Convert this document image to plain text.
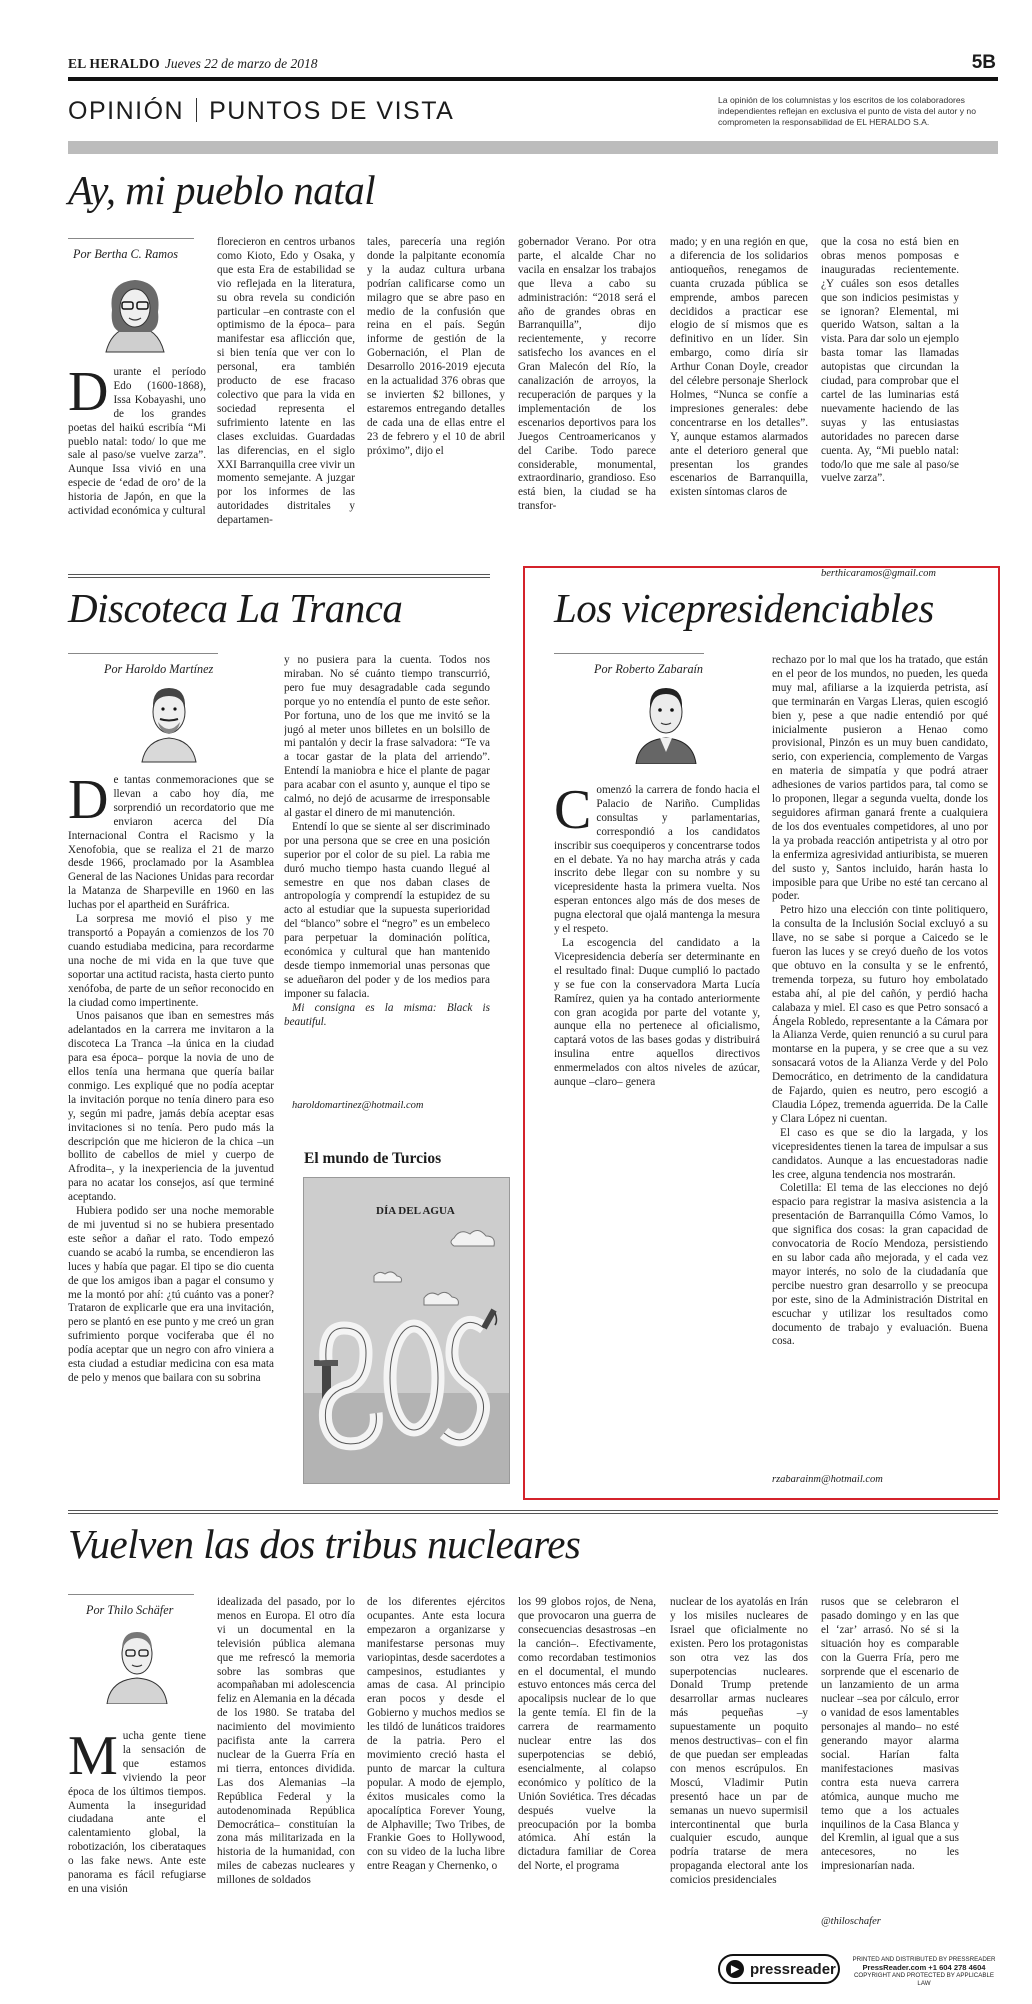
EL HERALDO Jueves 22 de marzo de 2018	5B
OPINIÓN PUNTOS DE VISTA	La opinión de los columnistas y los escritos de los colaboradores independientes reflejan en exclusiva el punto de vista del autor y no comprometen la responsabilidad de EL HERALDO S.A.
Ay, mi pueblo natal
Por Bertha C. Ramos

Durante el período Edo (1600-1868), Issa Kobayashi, uno de los grandes poetas del haikú escribía “Mi pueblo natal: todo/ lo que me sale al paso/se vuelve zarza”. Aunque Issa vivió en una especie de ‘edad de oro’ de la historia de Japón, en que la actividad económica y cultural

florecieron en centros urbanos como Kioto, Edo y Osaka, y que esta Era de estabilidad se vio reflejada en la literatura, su obra revela su condición particular –en contraste con el optimismo de la época– para manifestar esa aflicción que, si bien tenía que ver con lo personal, era también producto de ese fracaso colectivo que para la vida en sociedad representa el sufrimiento latente en las clases excluidas. Guardadas las diferencias, en el siglo XXI Barranquilla cree vivir un momento semejante. A juzgar por los informes de las autoridades distritales y departamen-

tales, parecería una región donde la palpitante economía y la audaz cultura urbana podrían calificarse como un milagro que se abre paso en medio de la confusión que reina en el país. Según informe de gestión de la Gobernación, el Plan de Desarrollo 2016-2019 ejecuta en la actualidad 376 obras que se invierten $2 billones, y estaremos entregando detalles de cada una de ellas entre el 23 de febrero y el 10 de abril próximo”, dijo el

gobernador Verano. Por otra parte, el alcalde Char no vacila en ensalzar los trabajos que lleva a cabo su administración: “2018 será el año de grandes obras en Barranquilla”, dijo recientemente, y recorre satisfecho los avances en el Gran Malecón del Río, la canalización de arroyos, la recuperación de parques y la implementación de los escenarios deportivos para los Juegos Centroamericanos y del Caribe. Todo parece considerable, monumental, extraordinario, grandioso. Eso está bien, la ciudad se ha transfor-

mado; y en una región en que, a diferencia de los solidarios antioqueños, renegamos de cuanta cruzada pública se emprende, ambos parecen decididos a practicar ese elogio de sí mismos que es definitivo en un líder. Sin embargo, como diría sir Arthur Conan Doyle, creador del célebre personaje Sherlock Holmes, “Nunca se confíe a impresiones generales: debe concentrarse en los detalles”. Y, aunque estamos alarmados ante el deterioro general que presentan los grandes escenarios de Barranquilla, existen síntomas claros de

que la cosa no está bien en obras menos pomposas e inauguradas recientemente. ¿Y cuáles son esos detalles que son indicios pesimistas y se ignoran? Elemental, mi querido Watson, saltan a la vista. Para dar solo un ejemplo basta tomar las llamadas autopistas que circundan la ciudad, para comprobar que el cartel de las luminarias está nuevamente haciendo de las suyas y las entusiastas autoridades no parecen darse cuenta. Ay, “Mi pueblo natal: todo/lo que me sale al paso/se vuelve zarza”.

berthicaramos@gmail.com
Discoteca La Tranca
Por Haroldo Martínez

De tantas conmemoraciones que se llevan a cabo hoy día, me sorprendió un recordatorio que me enviaron acerca del Día Internacional Contra el Racismo y la Xenofobia, que se realiza el 21 de marzo desde 1966, proclamado por la Asamblea General de las Naciones Unidas para recordar la Matanza de Sharpeville en 1960 en las luchas por el apartheid en Suráfrica.

La sorpresa me movió el piso y me transportó a Popayán a comienzos de los 70 cuando estudiaba medicina, para recordarme una noche de mi vida en la que tuve que soportar una actitud racista, hasta cierto punto xenófoba, de parte de un señor reconocido en la ciudad como impertinente.

Unos paisanos que iban en semestres más adelantados en la carrera me invitaron a la discoteca La Tranca –la única en la ciudad para esa época– porque la novia de uno de ellos tenía una hermana que quería bailar conmigo. Les expliqué que no podía aceptar la invitación porque no tenía dinero para eso y, según mi padre, jamás debía aceptar esas invitaciones si no tenía. Pero pudo más la descripción que me hicieron de la chica –un bollito de cabellos de miel y cuerpo de Afrodita–, y la inexperiencia de la juventud para no acatar los consejos, así que terminé aceptando.

Hubiera podido ser una noche memorable de mi juventud si no se hubiera presentado este señor a dañar el rato. Todo empezó cuando se acabó la rumba, se encendieron las luces y había que pagar. El tipo se dio cuenta de que los amigos iban a pagar el consumo y me la montó por ahí: ¿tú cuánto vas a poner? Trataron de explicarle que era una invitación, pero se plantó en ese punto y me creó un gran sufrimiento porque vociferaba que él no podía aceptar que un negro con afro viniera a esta ciudad a estudiar medicina con esa mata de pelo y menos que bailara con su sobrina

y no pusiera para la cuenta. Todos nos miraban. No sé cuánto tiempo transcurrió, pero fue muy desagradable cada segundo porque yo no entendía el punto de este señor. Por fortuna, uno de los que me invitó se la jugó al meter unos billetes en un bolsillo de mi pantalón y decir la frase salvadora: “Te va a tocar gastar de la plata del arriendo”. Entendí la maniobra e hice el plante de pagar para acabar con el asunto y, aunque el tipo se calmó, no dejó de acusarme de irresponsable al gastar el dinero de mi manutención.

Entendí lo que se siente al ser discriminado por una persona que se cree en una posición superior por el color de su piel. La rabia me duró mucho tiempo hasta cuando llegué al semestre en que nos daban clases de antropología y comprendí la estupidez de su acto al estudiar que la supuesta superioridad del “blanco” sobre el “negro” es un embeleco para perpetuar la dominación política, económica y cultural que han mantenido desde tiempo inmemorial unas personas que se adueñaron del poder y de los medios para imponer su falacia.

Mi consigna es la misma: Black is beautiful.

haroldomartinez@hotmail.com
El mundo de Turcios
DÍA DEL AGUA
SOS
Los vicepresidenciables
Por Roberto Zabaraín

Comenzó la carrera de fondo hacia el Palacio de Nariño. Cumplidas consultas y parlamentarias, correspondió a los candidatos inscribir sus coequiperos y concentrarse todos en el debate. Ya no hay marcha atrás y cada inscrito debe llegar con su nombre y su vicepresidente hasta la primera vuelta. Nos esperan entonces algo más de dos meses de pugna electoral que ojalá mantenga la mesura y el respeto.

La escogencia del candidato a la Vicepresidencia debería ser determinante en el resultado final: Duque cumplió lo pactado y se fue con la conservadora Marta Lucía Ramírez, quien ya ha contado anteriormente con gran acogida por parte del votante y, aunque ella no pertenece al oficialismo, captará votos de las bases godas y distribuirá insulina entre aquellos directivos enmermelados con altos niveles de azúcar, aunque –claro– genera

rechazo por lo mal que los ha tratado, que están en el peor de los mundos, no pueden, les queda muy mal, afiliarse a la izquierda petrista, así que terminarán en Vargas Lleras, quien escogió bien y, pese a que nadie entendió por qué inicialmente pusieron a Henao como provisional, Pinzón es un muy buen candidato, serio, con experiencia, complemento de Vargas en materia de simpatía y que podrá atraer adhesiones de varios partidos para, tal como se lo proponen, llegar a segunda vuelta, donde los seguidores afirman ganará frente a cualquiera de los dos eventuales competidores, al uno por la ya probada reacción antipetrista y al otro por la enfermiza agresividad antiuribista, se mueren del susto y, Santos incluido, harán hasta lo imposible para que Uribe no esté tan cercano al poder.

Petro hizo una elección con tinte politiquero, la consulta de la Inclusión Social excluyó a su llave, no se sabe si porque a Caicedo se le fueron las luces y se creyó dueño de los votos que obtuvo en la consulta y se le enfrentó, tremenda torpeza, su futuro hoy embolatado estaba ahí, al pie del cañón, y perdió hacha calabaza y miel. El caso es que Petro sonsacó a Ángela Robledo, representante a la Cámara por la Alianza Verde, quien renunció a su curul para montarse en la pupera, y se cree que a su vez sonsacará votos de la Alianza Verde y del Polo Democrático, en detrimento de la candidatura de Fajardo, quien es neutro, pero escogió a Claudia López, tremenda aguerrida. De la Calle y Clara López ni cuentan.

El caso es que se dio la largada, y los vicepresidentes tienen la tarea de impulsar a sus candidatos. Aunque a las encuestadoras nadie les cree, alguna tendencia nos mostrarán.

Coletilla: El tema de las elecciones no dejó espacio para registrar la masiva asistencia a la presentación de Barranquilla Cómo Vamos, lo que significa dos cosas: la gran capacidad de convocatoria de Rocío Mendoza, persistiendo en su labor cada año mejorada, y el cada vez mayor interés, no solo de la ciudadanía que percibe nuestro gran desarrollo y se preocupa por este, sino de la Administración Distrital en escuchar y utilizar los resultados como documento de trabajo y evaluación. Buena cosa.

rzabarainm@hotmail.com
Vuelven las dos tribus nucleares
Por Thilo Schäfer

Mucha gente tiene la sensación de que estamos viviendo la peor época de los últimos tiempos. Aumenta la inseguridad ciudadana ante el calentamiento global, la robotización, los ciberataques o las fake news. Ante este panorama es fácil refugiarse en una visión

idealizada del pasado, por lo menos en Europa. El otro día vi un documental en la televisión pública alemana que me refrescó la memoria sobre las sombras que acompañaban mi adolescencia feliz en Alemania en la década de los 1980. Se trataba del nacimiento del movimiento pacifista ante la carrera nuclear de la Guerra Fría en mi tierra, entonces dividida. Las dos Alemanias –la República Federal y la autodenominada República Democrática– constituían la zona más militarizada en la historia de la humanidad, con miles de cabezas nucleares y millones de soldados

de los diferentes ejércitos ocupantes. Ante esta locura empezaron a organizarse y manifestarse personas muy variopintas, desde sacerdotes a campesinos, estudiantes y amas de casa. Al principio eran pocos y desde el Gobierno y muchos medios se les tildó de lunáticos traidores de la patria. Pero el movimiento creció hasta el punto de marcar la cultura popular. A modo de ejemplo, éxitos musicales como la apocalíptica Forever Young, de Alphaville; Two Tribes, de Frankie Goes to Hollywood, con su video de la lucha libre entre Reagan y Chernenko, o

los 99 globos rojos, de Nena, que provocaron una guerra de consecuencias desastrosas –en la canción–. Efectivamente, como recordaban testimonios en el documental, el mundo estuvo entonces más cerca del apocalipsis nuclear de lo que la gente temía. El fin de la carrera de rearmamento nuclear entre las dos superpotencias se debió, esencialmente, al colapso económico y político de la Unión Soviética. Tres décadas después vuelve la preocupación por la bomba atómica. Ahí están la dictadura familiar de Corea del Norte, el programa

nuclear de los ayatolás en Irán y los misiles nucleares de Israel que oficialmente no existen. Pero los protagonistas son otra vez las dos superpotencias nucleares. Donald Trump pretende desarrollar armas nucleares más pequeñas –y supuestamente un poquito menos destructivas– con el fin de que puedan ser empleadas con menos escrúpulos. En Moscú, Vladimir Putin presentó hace un par de semanas un nuevo supermisil intercontinental que burla cualquier escudo, aunque podría tratarse de mera propaganda electoral ante los comicios presidenciales

rusos que se celebraron el pasado domingo y en las que el ‘zar’ arrasó. No sé si la situación hoy es comparable con la Guerra Fría, pero me sorprende que el escenario de un lanzamiento de un arma nuclear –sea por cálculo, error o vanidad de esos lamentables personajes al mando– no esté generando mayor alarma social. Harían falta manifestaciones masivas contra esta nueva carrera atómica, aunque mucho me temo que a los actuales inquilinos de la Casa Blanca y del Kremlin, al igual que a sus antecesores, no les impresionarían nada.

@thiloschafer
▶ pressreader
PRINTED AND DISTRIBUTED BY PRESSREADER
PressReader.com +1 604 278 4604
COPYRIGHT AND PROTECTED BY APPLICABLE LAW
